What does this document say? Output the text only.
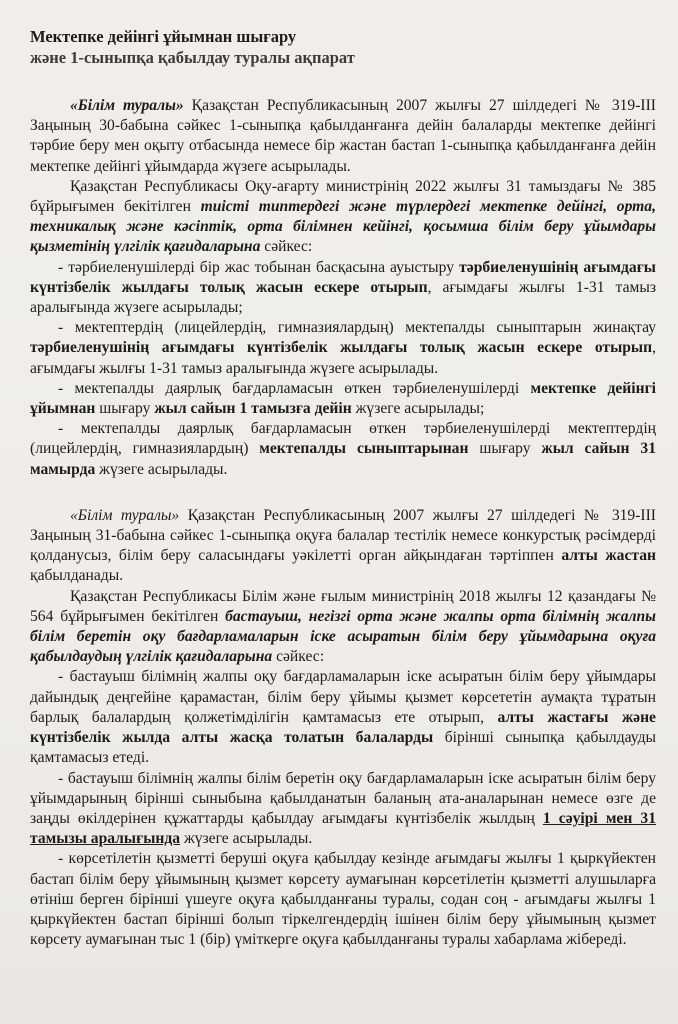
Мектепке дейінгі ұйымнан шығару
және 1-сыныпқа қабылдау туралы ақпарат

«Білім туралы» Қазақстан Республикасының 2007 жылғы 27 шілдедегі № 319-ІІІ Заңының 30-бабына сәйкес 1-сыныпқа қабылданғанға дейін балаларды мектепке дейінгі тәрбие беру мен оқыту отбасында немесе бір жастан бастап 1-сыныпқа қабылданғанға дейін мектепке дейінгі ұйымдарда жүзеге асырылады.

Қазақстан Республикасы Оқу-ағарту министрінің 2022 жылғы 31 тамыздағы № 385 бұйрығымен бекітілген тиісті типтердегі және түрлердегі мектепке дейінгі, орта, техникалық және кәсіптік, орта білімнен кейінгі, қосымша білім беру ұйымдары қызметінің үлгілік қағидаларына сәйкес:

- тәрбиеленушілерді бір жас тобынан басқасына ауыстыру тәрбиеленушінің ағымдағы күнтізбелік жылдағы толық жасын ескере отырып, ағымдағы жылғы 1-31 тамыз аралығында жүзеге асырылады;

- мектептердің (лицейлердің, гимназиялардың) мектепалды сыныптарын жинақтау тәрбиеленушінің ағымдағы күнтізбелік жылдағы толық жасын ескере отырып, ағымдағы жылғы 1-31 тамыз аралығында жүзеге асырылады.

- мектепалды даярлық бағдарламасын өткен тәрбиеленушілерді мектепке дейінгі ұйымнан шығару жыл сайын 1 тамызға дейін жүзеге асырылады;

- мектепалды даярлық бағдарламасын өткен тәрбиеленушілерді мектептердің (лицейлердің, гимназиялардың) мектепалды сыныптарынан шығару жыл сайын 31 мамырда жүзеге асырылады.

«Білім туралы» Қазақстан Республикасының 2007 жылғы 27 шілдедегі № 319-ІІІ Заңының 31-бабына сәйкес 1-сыныпқа оқуға балалар тестілік немесе конкурстық рәсімдерді қолданусыз, білім беру саласындағы уәкілетті орган айқындаған тәртіппен алты жастан қабылданады.

Қазақстан Республикасы Білім және ғылым министрінің 2018 жылғы 12 қазандағы № 564 бұйрығымен бекітілген бастауыш, негізгі орта және жалпы орта білімнің жалпы білім беретін оқу бағдарламаларын іске асыратын білім беру ұйымдарына оқуға қабылдаудың үлгілік қағидаларына сәйкес:

- бастауыш білімнің жалпы оқу бағдарламаларын іске асыратын білім беру ұйымдары дайындық деңгейіне қарамастан, білім беру ұйымы қызмет көрсететін аумақта тұратын барлық балалардың қолжетімділігін қамтамасыз ете отырып, алты жастағы және күнтізбелік жылда алты жасқа толатын балаларды бірінші сыныпқа қабылдауды қамтамасыз етеді.

- бастауыш білімнің жалпы білім беретін оқу бағдарламаларын іске асыратын білім беру ұйымдарының бірінші сыныбына қабылданатын баланың ата-аналарынан немесе өзге де заңды өкілдерінен құжаттарды қабылдау ағымдағы күнтізбелік жылдың 1 сәуірі мен 31 тамызы аралығында жүзеге асырылады.

- көрсетілетін қызметті беруші оқуға қабылдау кезінде ағымдағы жылғы 1 қыркүйектен бастап білім беру ұйымының қызмет көрсету аумағынан көрсетілетін қызметті алушыларға өтініш берген бірінші үшеуге оқуға қабылданғаны туралы, содан соң - ағымдағы жылғы 1 қыркүйектен бастап бірінші болып тіркелгендердің ішінен білім беру ұйымының қызмет көрсету аумағынан тыс 1 (бір) үміткерге оқуға қабылданғаны туралы хабарлама жібереді.
